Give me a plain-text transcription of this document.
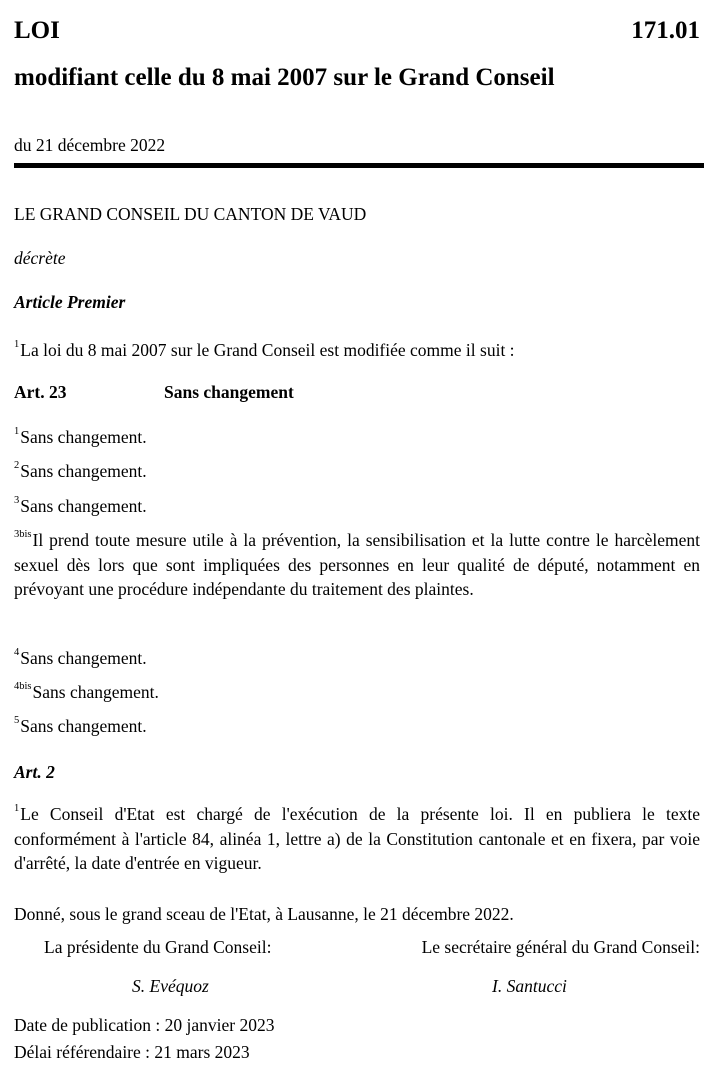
LOI	171.01
modifiant celle du 8 mai 2007 sur le Grand Conseil
du 21 décembre 2022
LE GRAND CONSEIL DU CANTON DE VAUD
décrète
Article Premier
$^1$La loi du 8 mai 2007 sur le Grand Conseil est modifiée comme il suit :
Art. 23	Sans changement
$^1$Sans changement.
$^2$Sans changement.
$^3$Sans changement.
$^{3bis}$Il prend toute mesure utile à la prévention, la sensibilisation et la lutte contre le harcèlement sexuel dès lors que sont impliquées des personnes en leur qualité de député, notamment en prévoyant une procédure indépendante du traitement des plaintes.
$^4$Sans changement.
$^{4bis}$Sans changement.
$^5$Sans changement.
Art. 2
$^1$Le Conseil d'Etat est chargé de l'exécution de la présente loi. Il en publiera le texte conformément à l'article 84, alinéa 1, lettre a) de la Constitution cantonale et en fixera, par voie d'arrêté, la date d'entrée en vigueur.
Donné, sous le grand sceau de l'Etat, à Lausanne, le 21 décembre 2022.
La présidente du Grand Conseil:	Le secrétaire général du Grand Conseil:
S. Evéquoz	I. Santucci
Date de publication : 20 janvier 2023
Délai référendaire : 21 mars 2023
